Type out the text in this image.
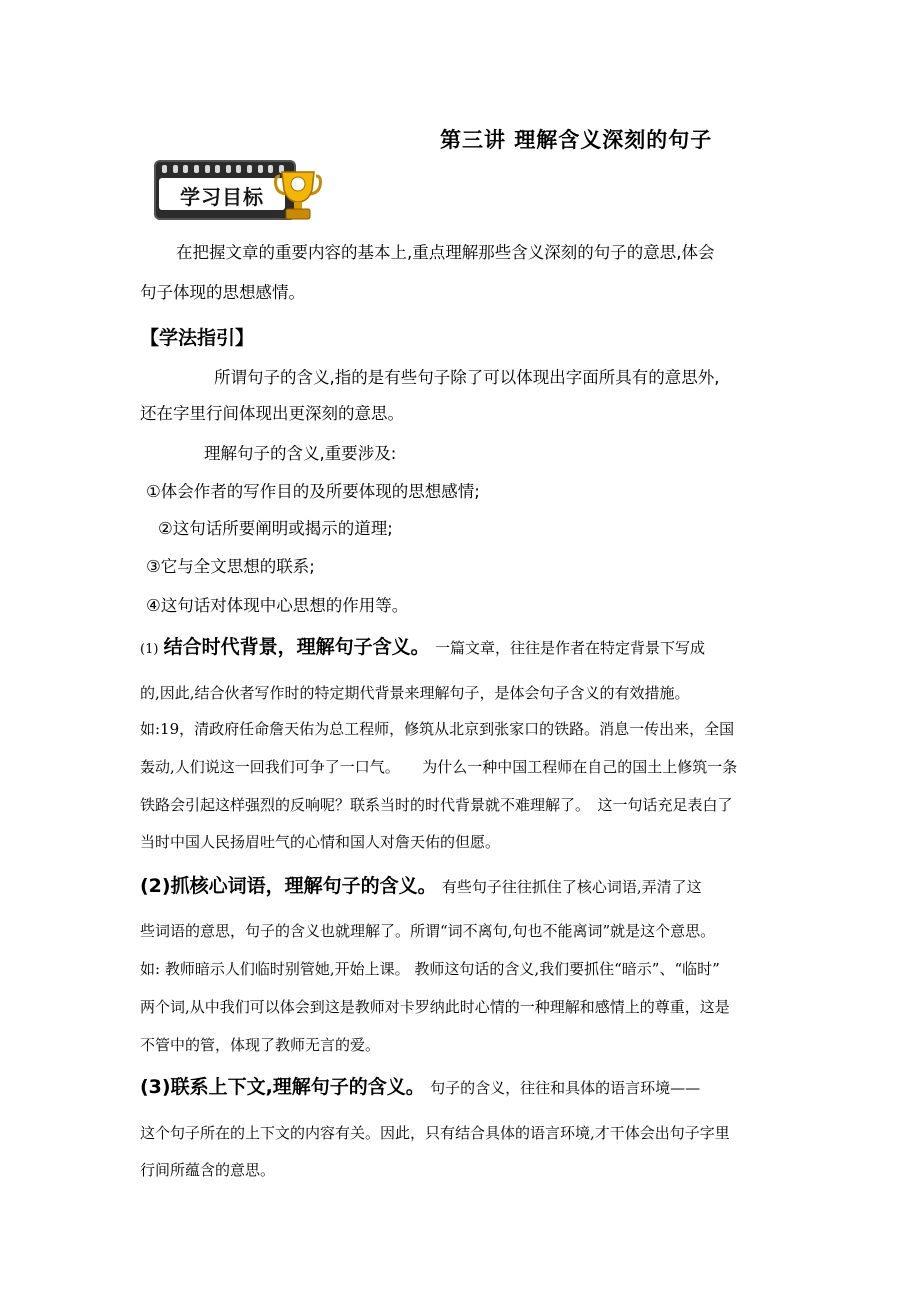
第三讲 理解含义深刻的句子
学习目标
在把握文章的重要内容的基本上,重点理解那些含义深刻的句子的意思,体会
句子体现的思想感情。
【学法指引】
所谓句子的含义,指的是有些句子除了可以体现出字面所具有的意思外,
还在字里行间体现出更深刻的意思。
理解句子的含义,重要涉及:
①体会作者的写作目的及所要体现的思想感情;
②这句话所要阐明或揭示的道理;
③它与全文思想的联系;
④这句话对体现中心思想的作用等。
(1) 结合时代背景，理解句子含义。 一篇文章，往往是作者在特定背景下写成
的,因此,结合伙者写作时的特定期代背景来理解句子，是体会句子含义的有效措施。
如:19，清政府任命詹天佑为总工程师，修筑从北京到张家口的铁路。消息一传出来，全国
轰动,人们说这一回我们可争了一口气。　　为什么一种中国工程师在自己的国土上修筑一条
铁路会引起这样强烈的反响呢？联系当时的时代背景就不难理解了。　这一句话充足表白了
当时中国人民扬眉吐气的心情和国人对詹天佑的但愿。
(2)抓核心词语，理解句子的含义。 有些句子往往抓住了核心词语,弄清了这
些词语的意思，句子的含义也就理解了。所谓“词不离句,句也不能离词”就是这个意思。
如: 教师暗示人们临时别管她,开始上课。 教师这句话的含义,我们要抓住“暗示”、“临时”
两个词,从中我们可以体会到这是教师对卡罗纳此时心情的一种理解和感情上的尊重，这是
不管中的管，体现了教师无言的爱。
(3)联系上下文,理解句子的含义。 句子的含义，往往和具体的语言环境——
这个句子所在的上下文的内容有关。因此，只有结合具体的语言环境,才干体会出句子字里
行间所蕴含的意思。
